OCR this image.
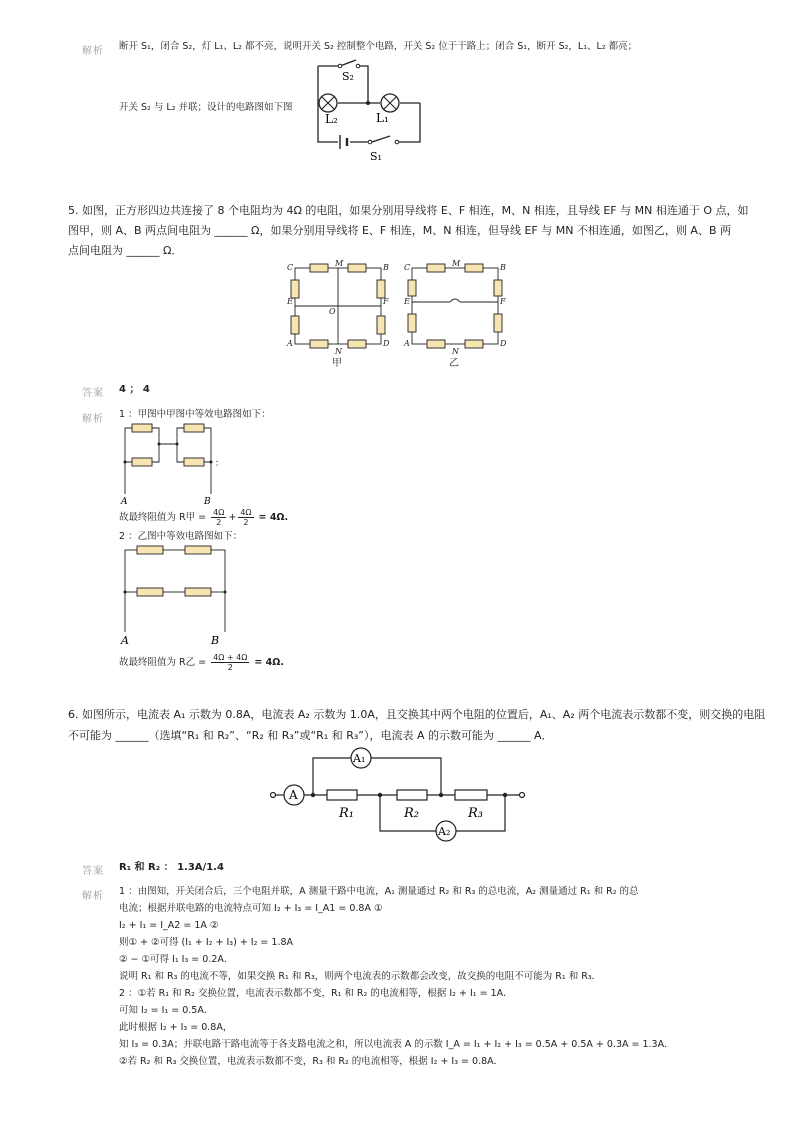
解析 断开 S₁，闭合 S₂，灯 L₁、L₂ 都不亮，说明开关 S₂ 控制整个电路，开关 S₂ 位于干路上；闭合 S₁，断开 S₂，L₁、L₂ 都亮；
开关 S₂ 与 L₂ 并联；设计的电路图如下图
S₂
L₂	L₁
S₁
5. 如图，正方形四边共连接了 8 个电阻均为 4Ω 的电阻，如果分别用导线将 E、F 相连，M、N 相连，且导线 EF 与 MN 相连通于 O 点，如
图甲，则 A、B 两点间电阻为 ______ Ω，如果分别用导线将 E、F 相连，M、N 相连，但导线 EF 与 MN 不相连通，如图乙，则 A、B 两
点间电阻为 ______ Ω．
C	M	B
E	F
O
A
N
D
甲
C	M	B
E	F
A
N
D
乙
答案 4 ； 4
解析 1 ：甲图中甲图中等效电路图如下：
A	B
：
故最终阻值为 R甲 = $\frac{4\Omega}{2} + \frac{4\Omega}{2} = 4\Omega$.
2 ：乙图中等效电路图如下：
A	B
故最终阻值为 R乙 = $\frac{4\Omega + 4\Omega}{2} = 4\Omega$.
6. 如图所示，电流表 A₁ 示数为 0.8A，电流表 A₂ 示数为 1.0A，且交换其中两个电阻的位置后，A₁、A₂ 两个电流表示数都不变，则交换的电阻
不可能为 ______（选填“R₁ 和 R₂”、“R₂ 和 R₃”或“R₁ 和 R₃”），电流表 A 的示数可能为 ______ A．
A
A₁
A₂
R₁	R₂	R₃
答案 R₁ 和 R₂ ： 1.3A/1.4
解析 1 ：由图知，开关闭合后，三个电阻并联，A 测量干路中电流，A₁ 测量通过 R₂ 和 R₃ 的总电流，A₂ 测量通过 R₁ 和 R₂ 的总
电流；根据并联电路的电流特点可知 I₂ + I₃ = I_A1 = 0.8A ①
I₂ + I₁ = I_A2 = 1A ②
则① + ②可得 (I₁ + I₂ + I₃) + I₂ = 1.8A
② − ①可得 I₁ I₃ = 0.2A．
说明 R₁ 和 R₃ 的电流不等，如果交换 R₁ 和 R₃，则两个电流表的示数都会改变，故交换的电阻不可能为 R₁ 和 R₃．
2 ：①若 R₁ 和 R₂ 交换位置，电流表示数都不变，R₁ 和 R₂ 的电流相等，根据 I₂ + I₁ = 1A．
可知 I₂ = I₁ = 0.5A．
此时根据 I₂ + I₃ = 0.8A，
知 I₃ = 0.3A；并联电路干路电流等于各支路电流之和，所以电流表 A 的示数 I_A = I₁ + I₂ + I₃ = 0.5A + 0.5A + 0.3A = 1.3A．
②若 R₂ 和 R₃ 交换位置，电流表示数都不变，R₃ 和 R₂ 的电流相等，根据 I₂ + I₃ = 0.8A．
